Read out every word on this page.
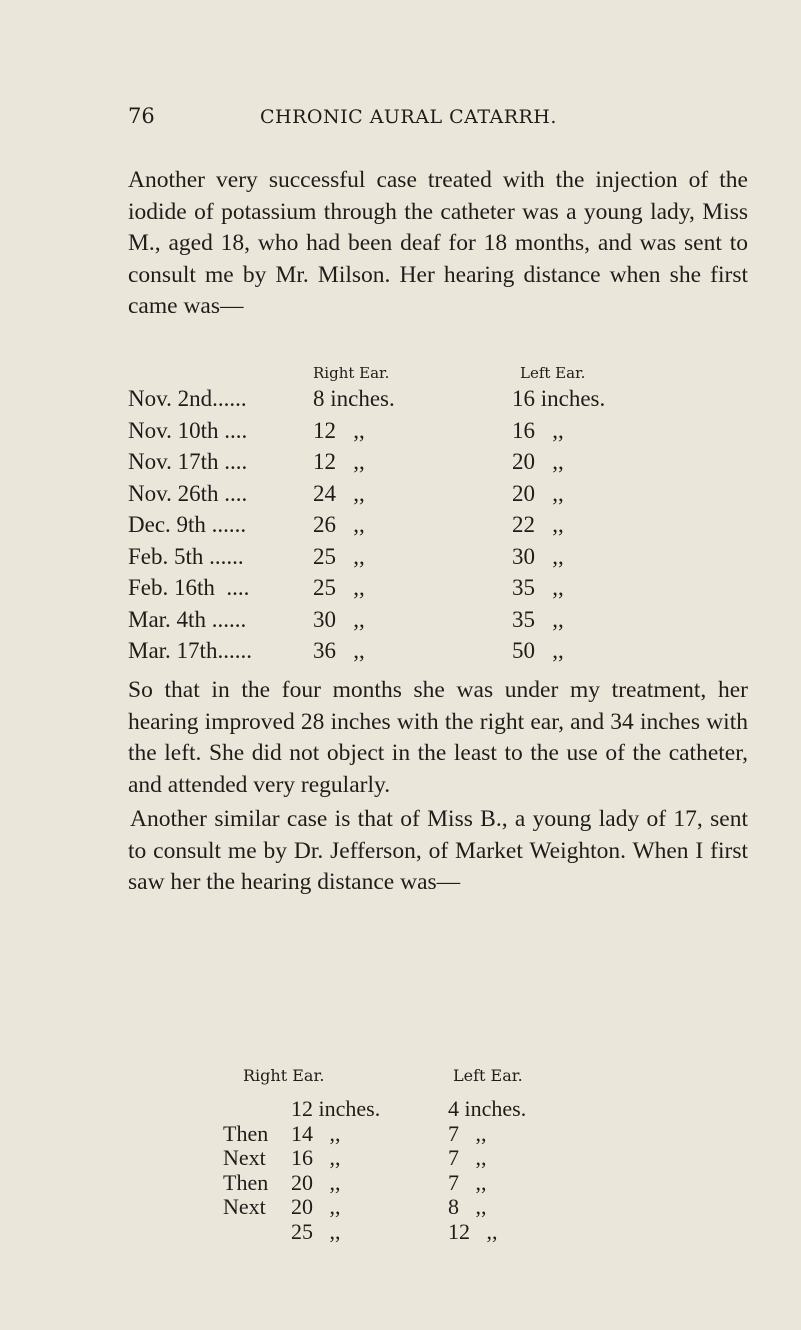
76	CHRONIC AURAL CATARRH.

Another very successful case treated with the injection of the iodide of potassium through the catheter was a young lady, Miss M., aged 18, who had been deaf for 18 months, and was sent to consult me by Mr. Milson. Her hearing distance when she first came was—

Right Ear.	Left Ear.
Nov. 2nd......	8 inches.	16 inches.
Nov. 10th ....	12   ,,	16   ,,
Nov. 17th ....	12   ,,	20   ,,
Nov. 26th ....	24   ,,	20   ,,
Dec. 9th ......	26   ,,	22   ,,
Feb. 5th ......	25   ,,	30   ,,
Feb. 16th  ....	25   ,,	35   ,,
Mar. 4th ......	30   ,,	35   ,,
Mar. 17th......	36   ,,	50   ,,

So that in the four months she was under my treatment, her hearing improved 28 inches with the right ear, and 34 inches with the left. She did not object in the least to the use of the catheter, and attended very regularly.

Another similar case is that of Miss B., a young lady of 17, sent to consult me by Dr. Jefferson, of Market Weighton. When I first saw her the hearing distance was—

Right Ear.	Left Ear.
12 inches.	4 inches.
Then 14   ,,	7   ,,
Next 16   ,,	7   ,,
Then 20   ,,	7   ,,
Next 20   ,,	8   ,,
25   ,,	12   ,,
